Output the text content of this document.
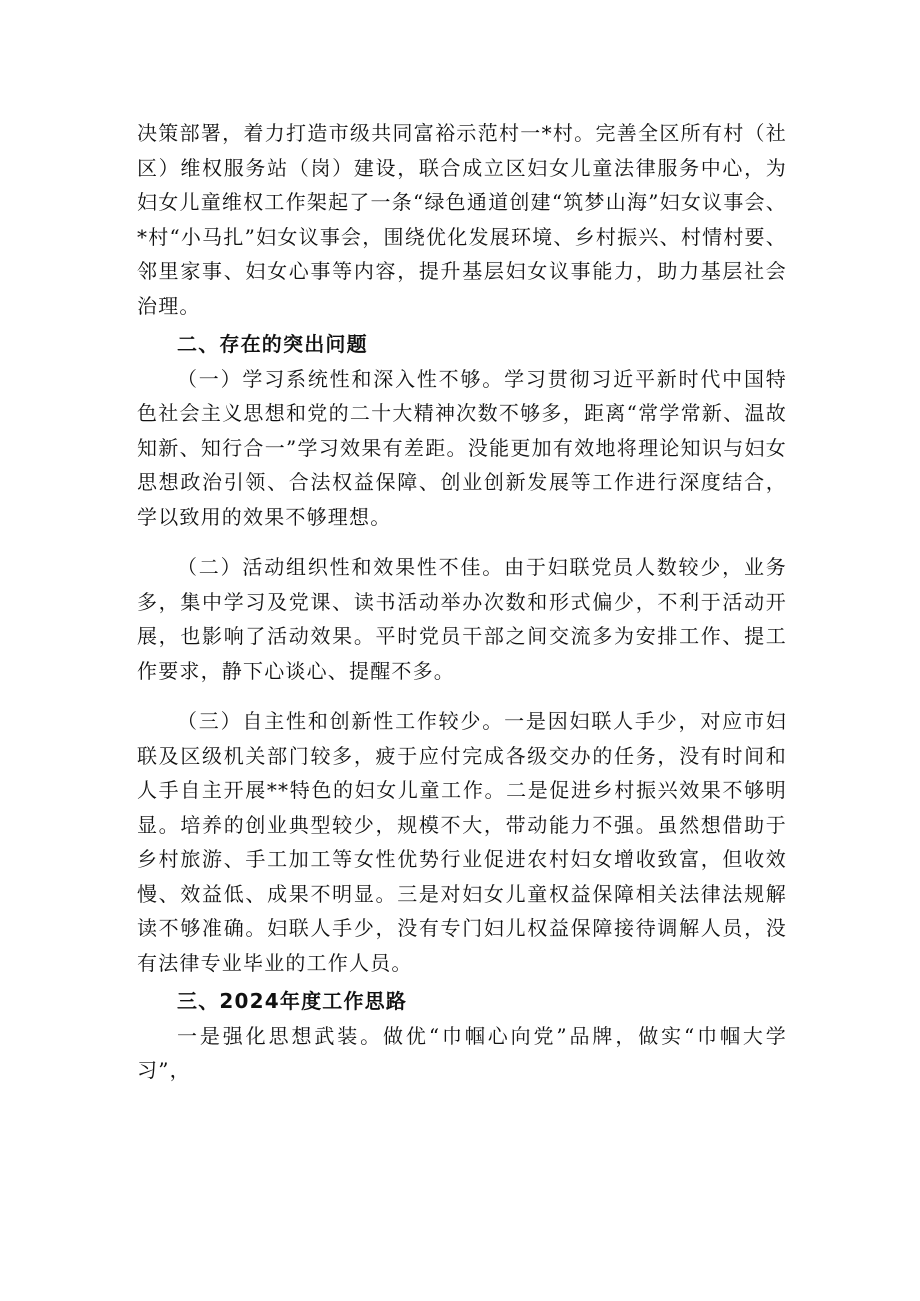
决策部署，着力打造市级共同富裕示范村一*村。完善全区所有村（社区）维权服务站（岗）建设，联合成立区妇女儿童法律服务中心，为妇女儿童维权工作架起了一条“绿色通道创建“筑梦山海”妇女议事会、*村“小马扎”妇女议事会，围绕优化发展环境、乡村振兴、村情村要、邻里家事、妇女心事等内容，提升基层妇女议事能力，助力基层社会治理。

二、存在的突出问题

（一）学习系统性和深入性不够。学习贯彻习近平新时代中国特色社会主义思想和党的二十大精神次数不够多，距离“常学常新、温故知新、知行合一”学习效果有差距。没能更加有效地将理论知识与妇女思想政治引领、合法权益保障、创业创新发展等工作进行深度结合，学以致用的效果不够理想。

（二）活动组织性和效果性不佳。由于妇联党员人数较少，业务多，集中学习及党课、读书活动举办次数和形式偏少，不利于活动开展，也影响了活动效果。平时党员干部之间交流多为安排工作、提工作要求，静下心谈心、提醒不多。

（三）自主性和创新性工作较少。一是因妇联人手少，对应市妇联及区级机关部门较多，疲于应付完成各级交办的任务，没有时间和人手自主开展**特色的妇女儿童工作。二是促进乡村振兴效果不够明显。培养的创业典型较少，规模不大，带动能力不强。虽然想借助于乡村旅游、手工加工等女性优势行业促进农村妇女增收致富，但收效慢、效益低、成果不明显。三是对妇女儿童权益保障相关法律法规解读不够准确。妇联人手少，没有专门妇儿权益保障接待调解人员，没有法律专业毕业的工作人员。

三、2024年度工作思路

一是强化思想武装。做优“巾帼心向党”品牌，做实“巾帼大学习”，
